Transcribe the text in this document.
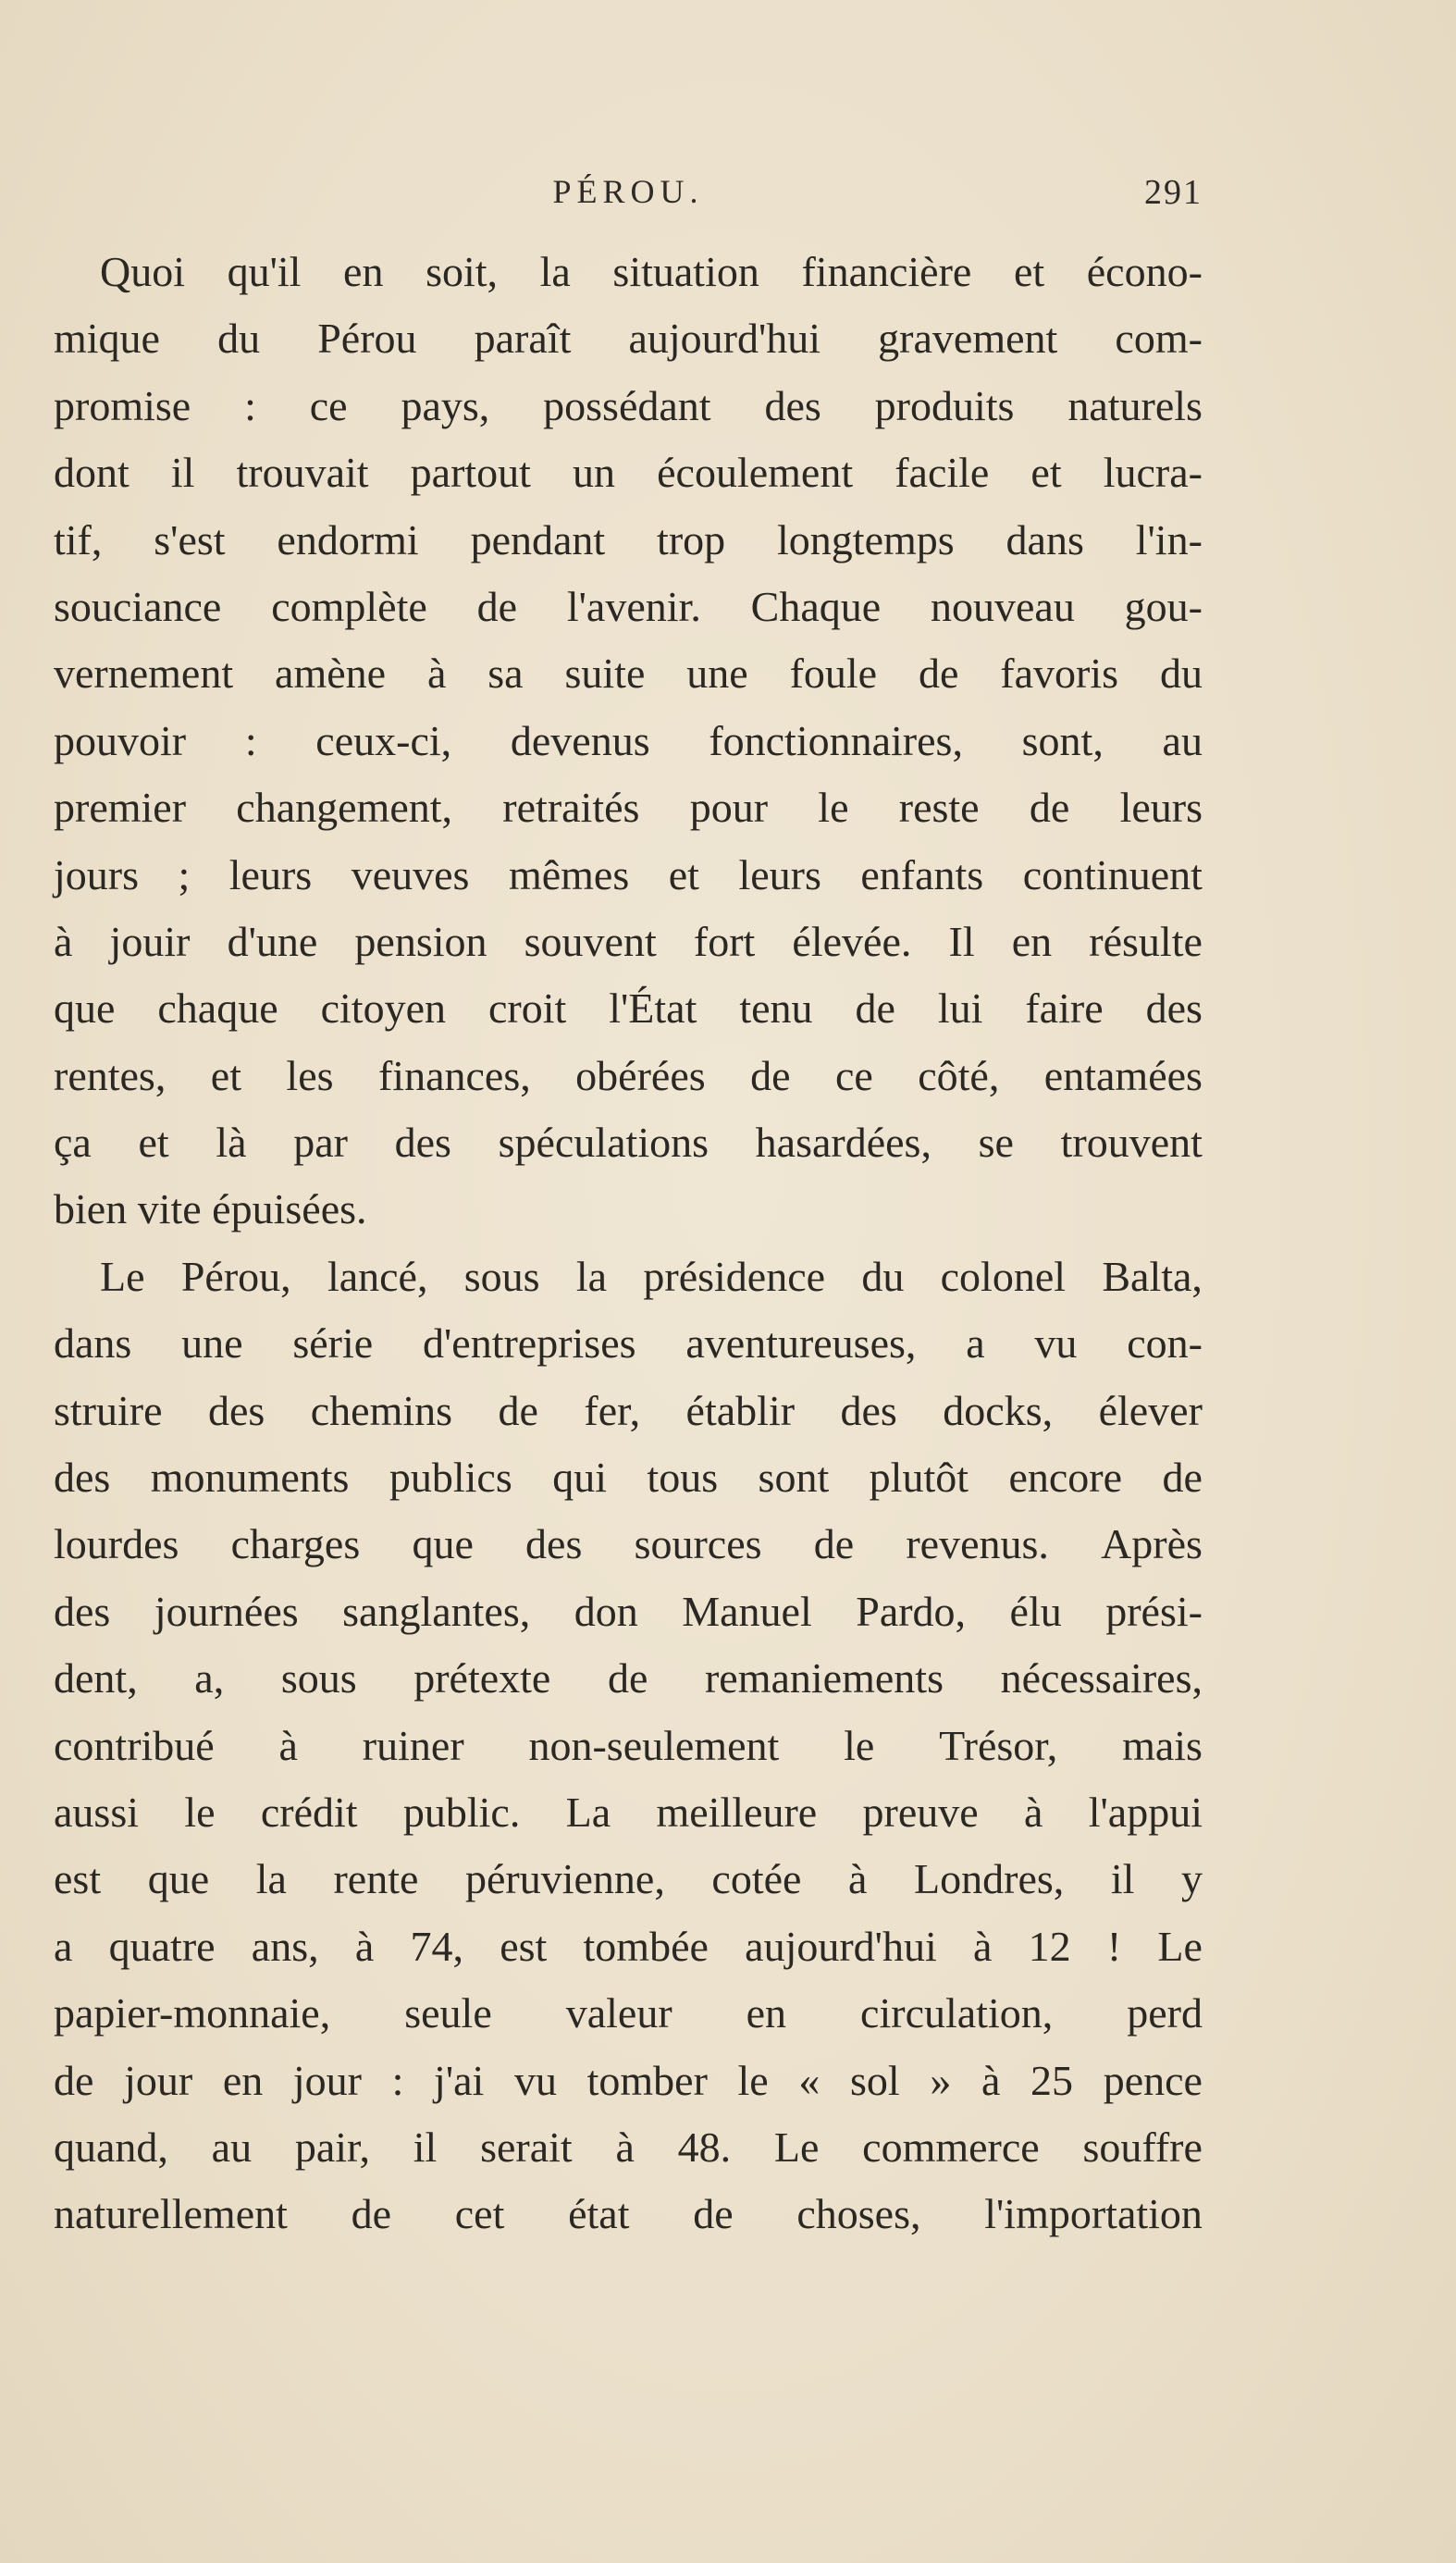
PÉROU.	291
Quoi qu'il en soit, la situation financière et écono-
mique du Pérou paraît aujourd'hui gravement com-
promise : ce pays, possédant des produits naturels
dont il trouvait partout un écoulement facile et lucra-
tif, s'est endormi pendant trop longtemps dans l'in-
souciance complète de l'avenir. Chaque nouveau gou-
vernement amène à sa suite une foule de favoris du
pouvoir : ceux-ci, devenus fonctionnaires, sont, au
premier changement, retraités pour le reste de leurs
jours ; leurs veuves mêmes et leurs enfants continuent
à jouir d'une pension souvent fort élevée. Il en résulte
que chaque citoyen croit l'État tenu de lui faire des
rentes, et les finances, obérées de ce côté, entamées
ça et là par des spéculations hasardées, se trouvent
bien vite épuisées.
Le Pérou, lancé, sous la présidence du colonel Balta,
dans une série d'entreprises aventureuses, a vu con-
struire des chemins de fer, établir des docks, élever
des monuments publics qui tous sont plutôt encore de
lourdes charges que des sources de revenus. Après
des journées sanglantes, don Manuel Pardo, élu prési-
dent, a, sous prétexte de remaniements nécessaires,
contribué à ruiner non-seulement le Trésor, mais
aussi le crédit public. La meilleure preuve à l'appui
est que la rente péruvienne, cotée à Londres, il y
a quatre ans, à 74, est tombée aujourd'hui à 12 ! Le
papier-monnaie, seule valeur en circulation, perd
de jour en jour : j'ai vu tomber le « sol » à 25 pence
quand, au pair, il serait à 48. Le commerce souffre
naturellement de cet état de choses, l'importation
